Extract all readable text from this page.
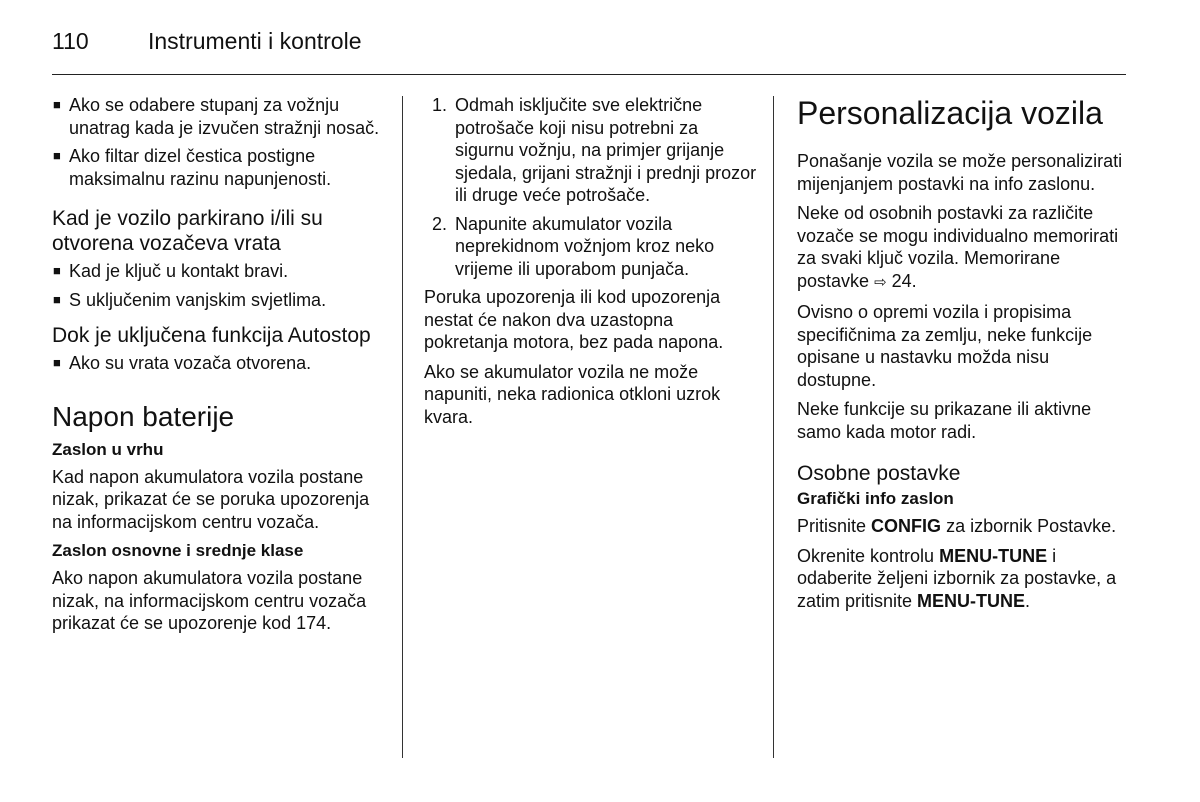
110	Instrumenti i kontrole
■ Ako se odabere stupanj za vožnju unatrag kada je izvučen stražnji nosač.
■ Ako filtar dizel čestica postigne maksimalnu razinu napunjenosti.
Kad je vozilo parkirano i/ili su otvorena vozačeva vrata
■ Kad je ključ u kontakt bravi.
■ S uključenim vanjskim svjetlima.
Dok je uključena funkcija Autostop
■ Ako su vrata vozača otvorena.
Napon baterije
Zaslon u vrhu

Kad napon akumulatora vozila postane nizak, prikazat će se poruka upozorenja na informacijskom centru vozača.

Zaslon osnovne i srednje klase

Ako napon akumulatora vozila postane nizak, na informacijskom centru vozača prikazat će se upozorenje kod 174.

1. Odmah isključite sve električne potrošače koji nisu potrebni za sigurnu vožnju, na primjer grijanje sjedala, grijani stražnji i prednji prozor ili druge veće potrošače.
2. Napunite akumulator vozila neprekidnom vožnjom kroz neko vrijeme ili uporabom punjača.

Poruka upozorenja ili kod upozorenja nestat će nakon dva uzastopna pokretanja motora, bez pada napona.

Ako se akumulator vozila ne može napuniti, neka radionica otkloni uzrok kvara.

Personalizacija vozila

Ponašanje vozila se može personalizirati mijenjanjem postavki na info zaslonu.

Neke od osobnih postavki za različite vozače se mogu individualno memorirati za svaki ključ vozila. Memorirane postavke ⇨ 24.

Ovisno o opremi vozila i propisima specifičnima za zemlju, neke funkcije opisane u nastavku možda nisu dostupne.

Neke funkcije su prikazane ili aktivne samo kada motor radi.

Osobne postavke
Grafički info zaslon

Pritisnite CONFIG za izbornik Postavke.

Okrenite kontrolu MENU-TUNE i odaberite željeni izbornik za postavke, a zatim pritisnite MENU-TUNE.
